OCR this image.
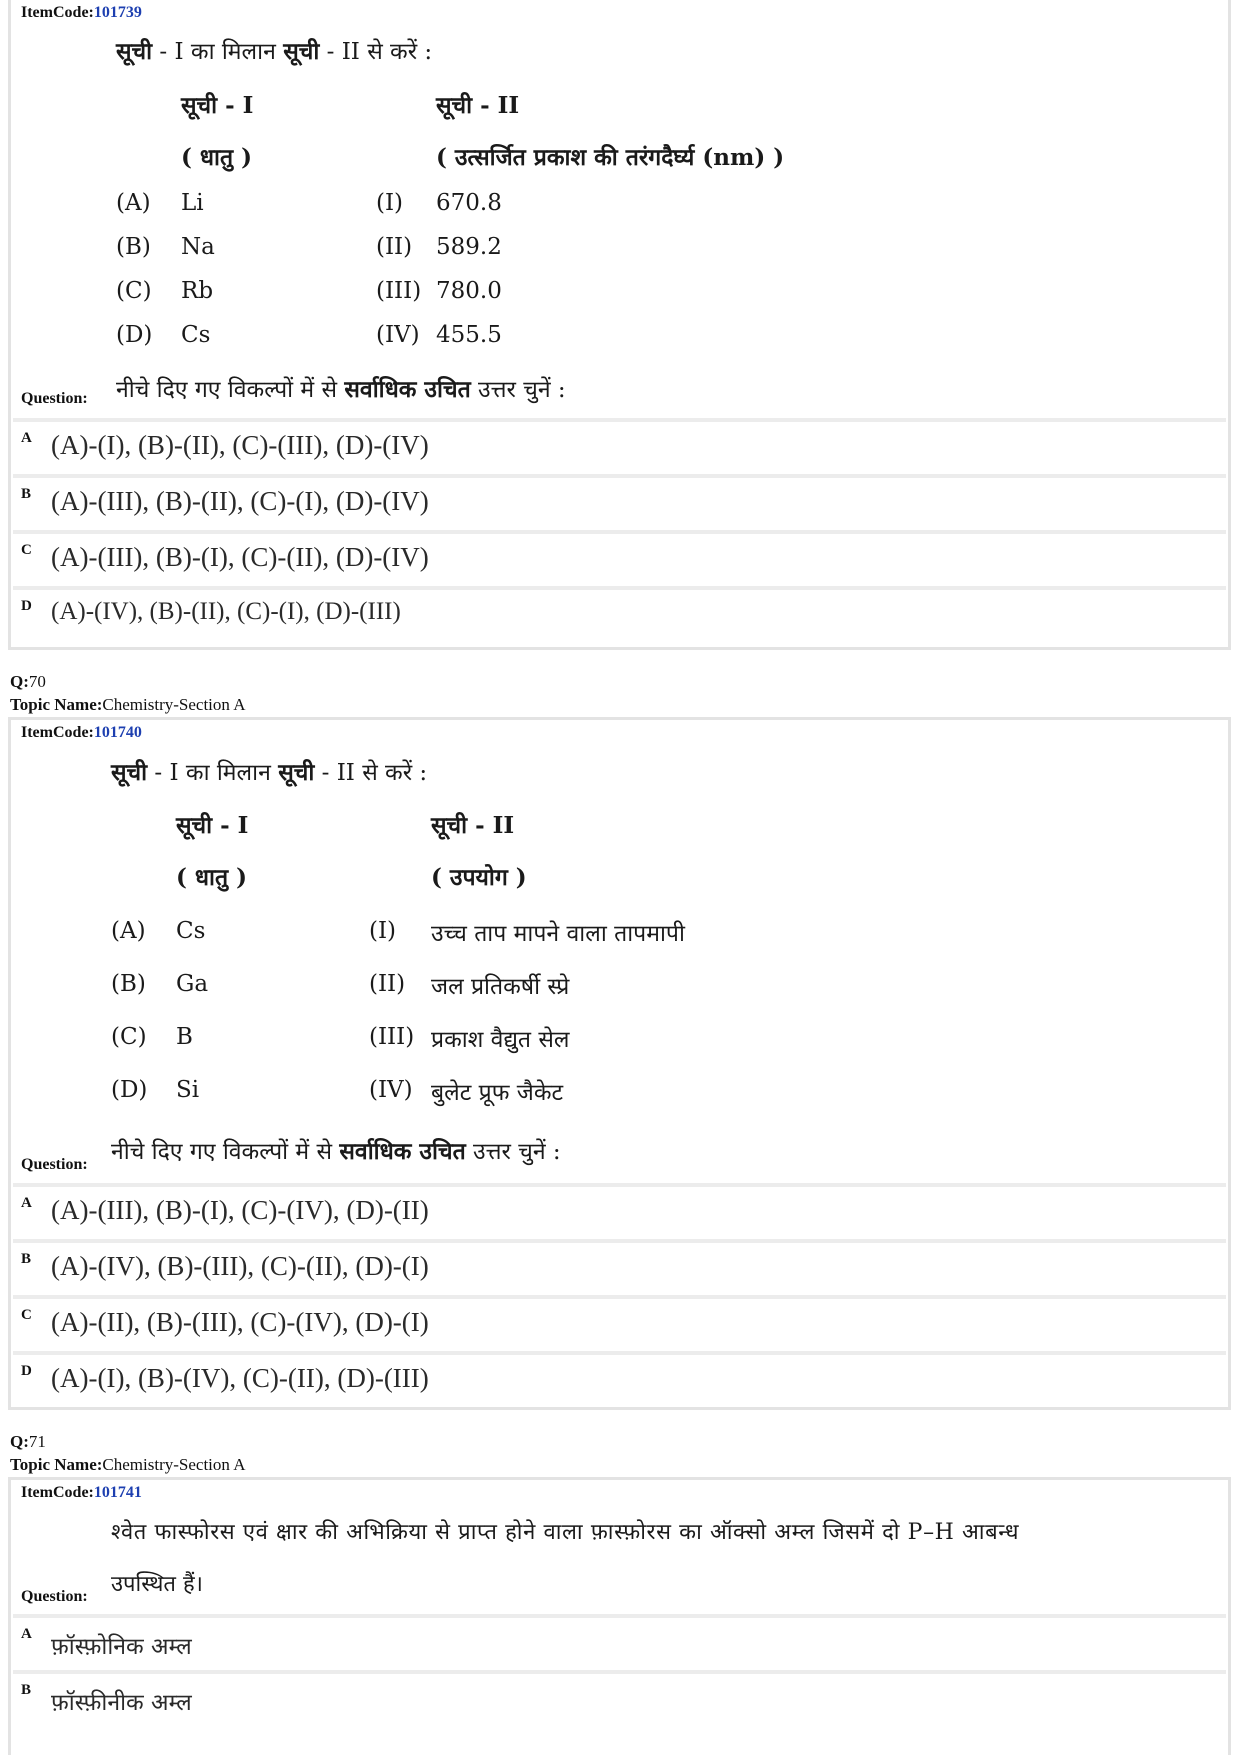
ItemCode:101739
सूची - I का मिलान सूची - II से करें :
सूची - I	सूची - II
( धातु )	( उत्सर्जित प्रकाश की तरंगदैर्घ्य (nm) )
(A) Li	(I) 670.8
(B) Na	(II) 589.2
(C) Rb	(III) 780.0
(D) Cs	(IV) 455.5
Question: नीचे दिए गए विकल्पों में से सर्वाधिक उचित उत्तर चुनें :
A (A)-(I), (B)-(II), (C)-(III), (D)-(IV)
B (A)-(III), (B)-(II), (C)-(I), (D)-(IV)
C (A)-(III), (B)-(I), (C)-(II), (D)-(IV)
D (A)-(IV), (B)-(II), (C)-(I), (D)-(III)
Q:70
Topic Name:Chemistry-Section A
ItemCode:101740
सूची - I का मिलान सूची - II से करें :
सूची - I	सूची - II
( धातु )	( उपयोग )
(A) Cs	(I) उच्च ताप मापने वाला तापमापी
(B) Ga	(II) जल प्रतिकर्षी स्प्रे
(C) B	(III) प्रकाश वैद्युत सेल
(D) Si	(IV) बुलेट प्रूफ जैकेट
Question: नीचे दिए गए विकल्पों में से सर्वाधिक उचित उत्तर चुनें :
A (A)-(III), (B)-(I), (C)-(IV), (D)-(II)
B (A)-(IV), (B)-(III), (C)-(II), (D)-(I)
C (A)-(II), (B)-(III), (C)-(IV), (D)-(I)
D (A)-(I), (B)-(IV), (C)-(II), (D)-(III)
Q:71
Topic Name:Chemistry-Section A
ItemCode:101741
श्वेत फास्फोरस एवं क्षार की अभिक्रिया से प्राप्त होने वाला फ़ास्फ़ोरस का ऑक्सो अम्ल जिसमें दो P–H आबन्ध
उपस्थित हैं।
Question:
A फ़ॉस्फ़ोनिक अम्ल
B फ़ॉस्फ़ीनीक अम्ल
